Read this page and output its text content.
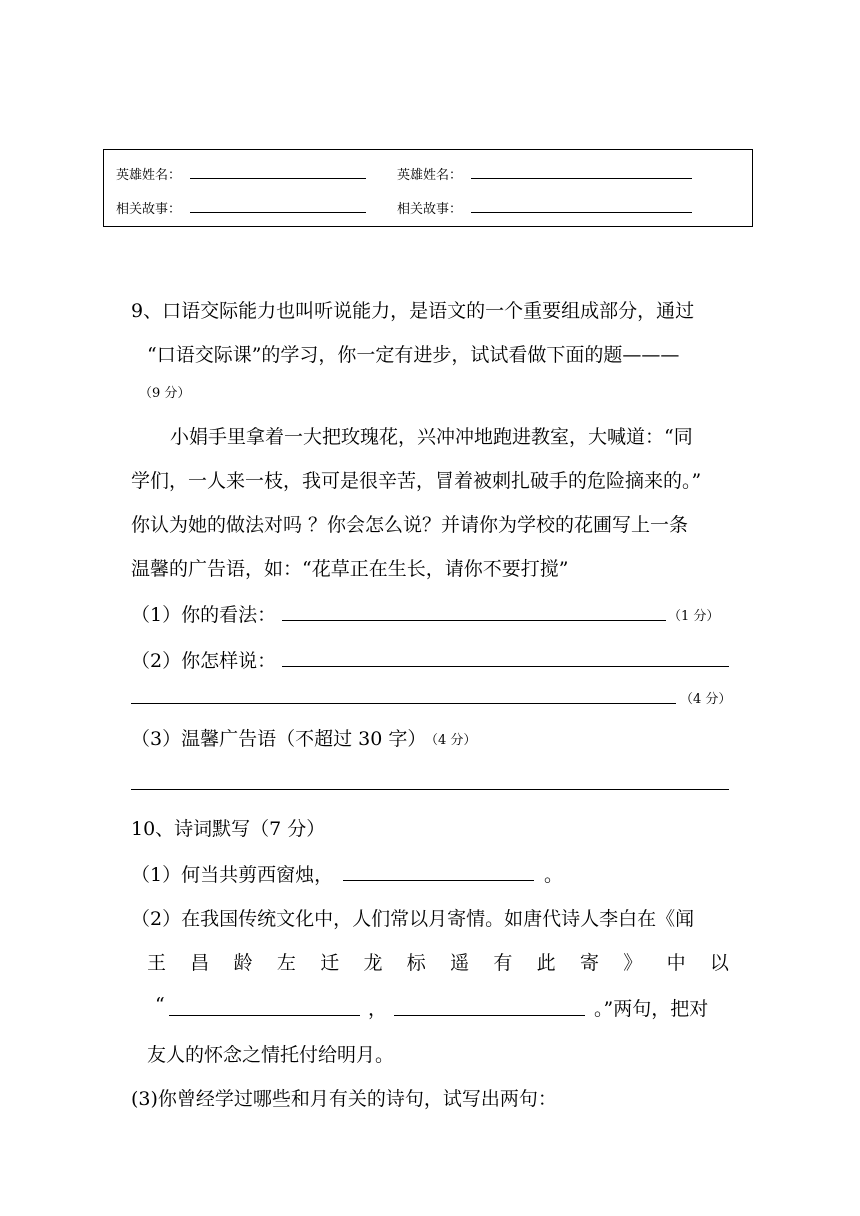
英雄姓名：	英雄姓名：
相关故事：	相关故事：
9、口语交际能力也叫听说能力，是语文的一个重要组成部分，通过
“口语交际课”的学习，你一定有进步，试试看做下面的题———
（9 分）
小娟手里拿着一大把玫瑰花，兴冲冲地跑进教室，大喊道：“同
学们，一人来一枝，我可是很辛苦，冒着被刺扎破手的危险摘来的。”
你认为她的做法对吗 ？你会怎么说？并请你为学校的花圃写上一条
温馨的广告语，如：“花草正在生长，请你不要打搅”
（1）你的看法：	（1 分）
（2）你怎样说：
（4 分）
（3）温馨广告语（不超过 30 字）
（4 分）
10、诗词默写（7 分）
（1）何当共剪西窗烛，	。
（2）在我国传统文化中，人们常以月寄情。如唐代诗人李白在《闻
王 昌 龄 左 迁 龙 标 遥 有 此 寄 》 中 以
“	，	。”两句，把对
友人的怀念之情托付给明月。
(3)你曾经学过哪些和月有关的诗句，试写出两句：
